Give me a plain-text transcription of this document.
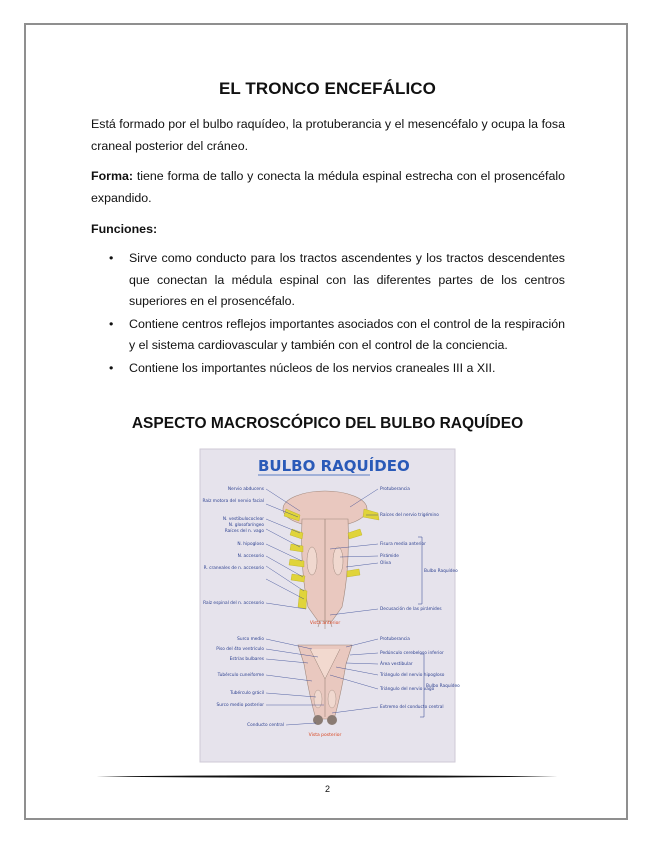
EL TRONCO ENCEFÁLICO
Está formado por el bulbo raquídeo, la protuberancia y el mesencéfalo y ocupa la fosa craneal posterior del cráneo.
Forma: tiene forma de tallo y conecta la médula espinal estrecha con el prosencéfalo expandido.
Funciones:
• Sirve como conducto para los tractos ascendentes y los tractos descendentes que conectan la médula espinal con las diferentes partes de los centros superiores en el prosencéfalo.
• Contiene centros reflejos importantes asociados con el control de la respiración y el sistema cardiovascular y también con el control de la conciencia.
• Contiene los importantes núcleos de los nervios craneales III a XII.
ASPECTO MACROSCÓPICO DEL BULBO RAQUÍDEO
BULBO RAQUÍDEO
Nervio abducens
Raíz motora del nervio facial
N. vestibulococlear
N. glosofaríngeo
Raíces del n. vago
N. hipogloso
N. accesorio
R. craneales de n. accesorio
Raíz espinal del n. accesorio
Protuberancia
Raíces del nervio trigémino
Fisura media anterior
Pirámide
Oliva
Decusación de las pirámides
Bulbo Raquídeo
Vista anterior
Surco medio
Piso del 4to ventrículo
Estrías bulbares
Tubérculo cuneiforme
Tubérculo grácil
Surco medio posterior
Conducto central
Protuberancia
Pedúnculo cerebeloso inferior
Área vestibular
Triángulo del nervio hipogloso
Triángulo del nervio vago
Extremo del conducto central
Bulbo Raquídeo
Vista posterior
2
